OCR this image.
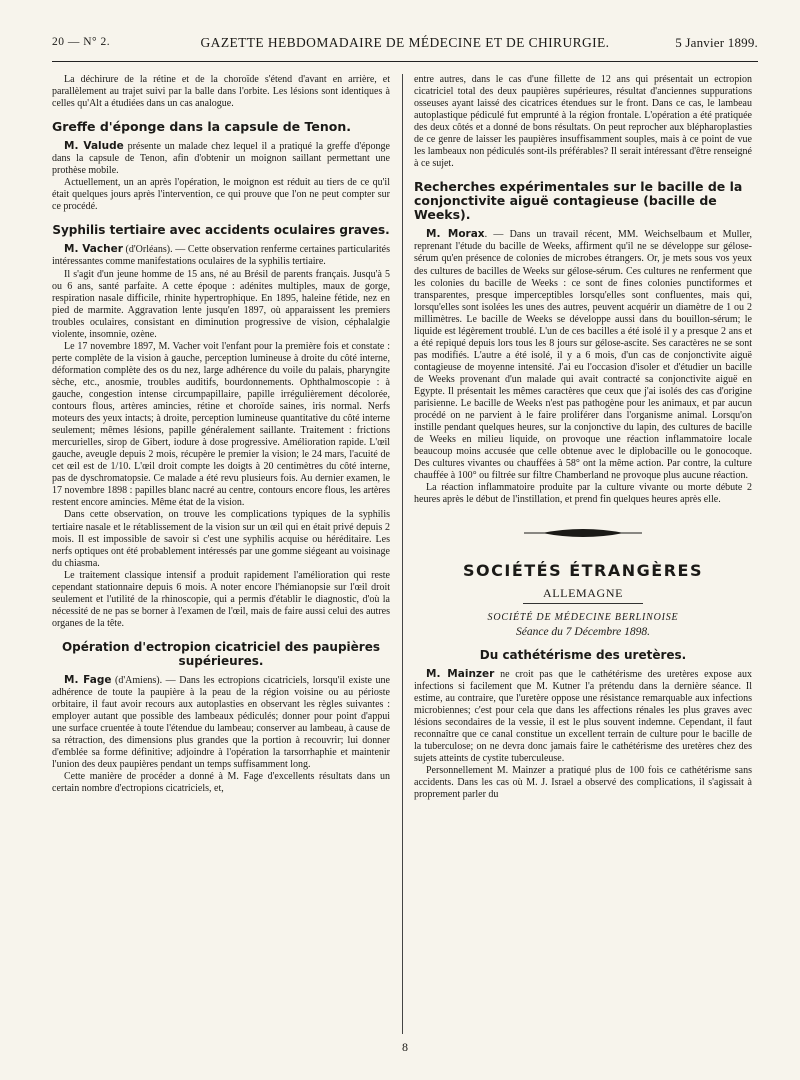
20 — N° 2.	GAZETTE HEBDOMADAIRE DE MÉDECINE ET DE CHIRURGIE.	5 Janvier 1899.

La déchirure de la rétine et de la choroïde s'étend d'avant en arrière, et parallèlement au trajet suivi par la balle dans l'orbite. Les lésions sont identiques à celles qu'Alt a étudiées dans un cas analogue.

Greffe d'éponge dans la capsule de Tenon.

M. Valude présente un malade chez lequel il a pratiqué la greffe d'éponge dans la capsule de Tenon, afin d'obtenir un moignon saillant permettant une prothèse mobile.

Actuellement, un an après l'opération, le moignon est réduit au tiers de ce qu'il était quelques jours après l'intervention, ce qui prouve que l'on ne peut compter sur ce procédé.

Syphilis tertiaire avec accidents oculaires graves.

M. Vacher (d'Orléans). — Cette observation renferme certaines particularités intéressantes comme manifestations oculaires de la syphilis tertiaire.

Il s'agit d'un jeune homme de 15 ans, né au Brésil de parents français. Jusqu'à 5 ou 6 ans, santé parfaite. A cette époque : adénites multiples, maux de gorge, respiration nasale difficile, rhinite hypertrophique. En 1895, haleine fétide, nez en pied de marmite. Aggravation lente jusqu'en 1897, où apparaissent les premiers troubles oculaires, consistant en diminution progressive de vision, céphalalgie violente, insomnie, ozène.

Le 17 novembre 1897, M. Vacher voit l'enfant pour la première fois et constate : perte complète de la vision à gauche, perception lumineuse à droite du côté interne, déformation complète des os du nez, large adhérence du voile du palais, pharyngite sèche, etc., anosmie, troubles auditifs, bourdonnements. Ophthalmoscopie : à gauche, congestion intense circumpapillaire, papille irrégulièrement décolorée, contours flous, artères amincies, rétine et choroïde saines, iris normal. Nerfs moteurs des yeux intacts; à droite, perception lumineuse quantitative du côté interne seulement; mêmes lésions, papille généralement saillante. Traitement : frictions mercurielles, sirop de Gibert, iodure à dose progressive. Amélioration rapide. L'œil gauche, aveugle depuis 2 mois, récupère le premier la vision; le 24 mars, l'acuité de cet œil est de 1/10. L'œil droit compte les doigts à 20 centimètres du côté interne, pas de dyschromatopsie. Ce malade a été revu plusieurs fois. Au dernier examen, le 17 novembre 1898 : papilles blanc nacré au centre, contours encore flous, les artères restent encore amincies. Même état de la vision.

Dans cette observation, on trouve les complications typiques de la syphilis tertiaire nasale et le rétablissement de la vision sur un œil qui en était privé depuis 2 mois. Il est impossible de savoir si c'est une syphilis acquise ou héréditaire. Les nerfs optiques ont été probablement intéressés par une gomme siégeant au voisinage du chiasma.

Le traitement classique intensif a produit rapidement l'amélioration qui reste cependant stationnaire depuis 6 mois. A noter encore l'hémianopsie sur l'œil droit seulement et l'utilité de la rhinoscopie, qui a permis d'établir le diagnostic, d'où la nécessité de ne pas se borner à l'examen de l'œil, mais de faire aussi celui des autres organes de la tête.

Opération d'ectropion cicatriciel des paupières supérieures.

M. Fage (d'Amiens). — Dans les ectropions cicatriciels, lorsqu'il existe une adhérence de toute la paupière à la peau de la région voisine ou au périoste orbitaire, il faut avoir recours aux autoplasties en observant les règles suivantes : employer autant que possible des lambeaux pédiculés; donner pour point d'appui une surface cruentée à toute l'étendue du lambeau; conserver au lambeau, à cause de sa rétraction, des dimensions plus grandes que la portion à recouvrir; lui donner d'emblée sa forme définitive; adjoindre à l'opération la tarsorrhaphie et maintenir l'union des deux paupières pendant un temps suffisamment long.

Cette manière de procéder a donné à M. Fage d'excellents résultats dans un certain nombre d'ectropions cicatriciels, et,

entre autres, dans le cas d'une fillette de 12 ans qui présentait un ectropion cicatriciel total des deux paupières supérieures, résultat d'anciennes suppurations osseuses ayant laissé des cicatrices étendues sur le front. Dans ce cas, le lambeau autoplastique pédiculé fut emprunté à la région frontale. L'opération a été pratiquée des deux côtés et a donné de bons résultats. On peut reprocher aux blépharoplasties de ce genre de laisser les paupières insuffisamment souples, mais à ce point de vue les lambeaux non pédiculés sont-ils préférables? Il serait intéressant d'être renseigné à ce sujet.

Recherches expérimentales sur le bacille de la conjonctivite aiguë contagieuse (bacille de Weeks).

M. Morax. — Dans un travail récent, MM. Weichselbaum et Muller, reprenant l'étude du bacille de Weeks, affirment qu'il ne se développe sur gélose-sérum qu'en présence de colonies de microbes étrangers. Or, je mets sous vos yeux des cultures de bacilles de Weeks sur gélose-sérum. Ces cultures ne renferment que les colonies du bacille de Weeks : ce sont de fines colonies punctiformes et transparentes, presque imperceptibles lorsqu'elles sont confluentes, mais qui, lorsqu'elles sont isolées les unes des autres, peuvent acquérir un diamètre de 1 ou 2 millimètres. Le bacille de Weeks se développe aussi dans du bouillon-sérum; le liquide est légèrement troublé. L'un de ces bacilles a été isolé il y a presque 2 ans et a été repiqué depuis lors tous les 8 jours sur gélose-ascite. Ses caractères ne se sont pas modifiés. L'autre a été isolé, il y a 6 mois, d'un cas de conjonctivite aiguë contagieuse de moyenne intensité. J'ai eu l'occasion d'isoler et d'étudier un bacille de Weeks provenant d'un malade qui avait contracté sa conjonctivite aiguë en Egypte. Il présentait les mêmes caractères que ceux que j'ai isolés des cas d'origine parisienne. Le bacille de Weeks n'est pas pathogène pour les animaux, et par aucun procédé on ne parvient à le faire proliférer dans l'organisme animal. Lorsqu'on instille pendant quelques heures, sur la conjonctive du lapin, des cultures de bacille de Weeks en milieu liquide, on provoque une réaction inflammatoire locale beaucoup moins accusée que celle obtenue avec le diplobacille ou le gonocoque. Des cultures vivantes ou chauffées à 58° ont la même action. Par contre, la culture chauffée à 100° ou filtrée sur filtre Chamberland ne provoque plus aucune réaction.

La réaction inflammatoire produite par la culture vivante ou morte débute 2 heures après le début de l'instillation, et prend fin quelques heures après elle.

SOCIÉTÉS ÉTRANGÈRES
ALLEMAGNE
SOCIÉTÉ DE MÉDECINE BERLINOISE
Séance du 7 Décembre 1898.
Du cathétérisme des uretères.

M. Mainzer ne croit pas que le cathétérisme des uretères expose aux infections si facilement que M. Kutner l'a prétendu dans la dernière séance. Il estime, au contraire, que l'uretère oppose une résistance remarquable aux infections microbiennes; c'est pour cela que dans les affections rénales les plus graves avec lésions secondaires de la vessie, il est le plus souvent indemne. Cependant, il faut reconnaître que ce canal constitue un excellent terrain de culture pour le bacille de la tuberculose; on ne devra donc jamais faire le cathétérisme des uretères chez des sujets atteints de cystite tuberculeuse.

Personnellement M. Mainzer a pratiqué plus de 100 fois ce cathétérisme sans accidents. Dans les cas où M. J. Israel a observé des complications, il s'agissait à proprement parler du

8
